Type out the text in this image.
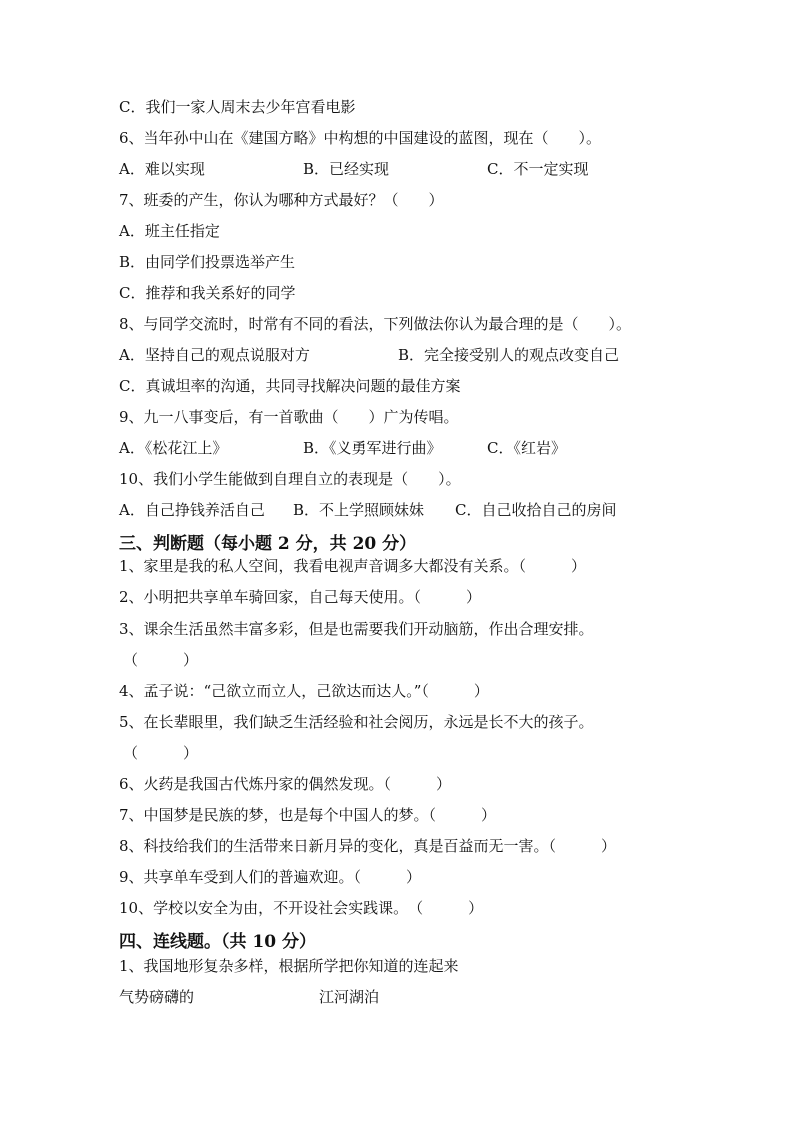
C．我们一家人周末去少年宫看电影
6、当年孙中山在《建国方略》中构想的中国建设的蓝图，现在（　　）。
A．难以实现	B．已经实现	C．不一定实现
7、班委的产生，你认为哪种方式最好？（　　）
A．班主任指定
B．由同学们投票选举产生
C．推荐和我关系好的同学
8、与同学交流时，时常有不同的看法，下列做法你认为最合理的是（　　）。
A．坚持自己的观点说服对方	B．完全接受别人的观点改变自己
C．真诚坦率的沟通，共同寻找解决问题的最佳方案
9、九一八事变后，有一首歌曲（　　）广为传唱。
A．《松花江上》	B．《义勇军进行曲》	C．《红岩》
10、我们小学生能做到自理自立的表现是（　　）。
A．自己挣钱养活自己 B．不上学照顾妹妹 C．自己收拾自己的房间
三、判断题（每小题 2 分，共 20 分）
1、家里是我的私人空间，我看电视声音调多大都没有关系。（　　　）
2、小明把共享单车骑回家，自己每天使用。（　　　）
3、课余生活虽然丰富多彩，但是也需要我们开动脑筋，作出合理安排。
（　　　）
4、孟子说：“己欲立而立人，己欲达而达人。”（　　　）
5、在长辈眼里，我们缺乏生活经验和社会阅历，永远是长不大的孩子。
（　　　）
6、火药是我国古代炼丹家的偶然发现。（　　　）
7、中国梦是民族的梦，也是每个中国人的梦。（　　　）
8、科技给我们的生活带来日新月异的变化，真是百益而无一害。（　　　）
9、共享单车受到人们的普遍欢迎。（　　　）
10、学校以安全为由，不开设社会实践课。　（　　　）
四、连线题。（共 10 分）
1、我国地形复杂多样，根据所学把你知道的连起来
气势磅礴的	江河湖泊
